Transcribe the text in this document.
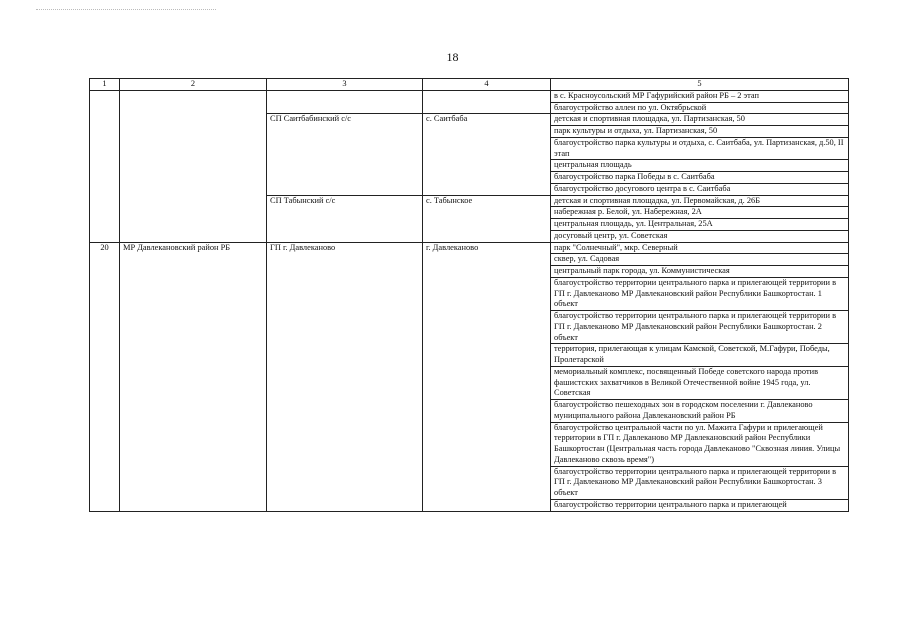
18
1	2	3	4	5
				в с. Красноусольский МР Гафурийский район РБ – 2 этап
				благоустройство аллеи по ул. Октябрьской
		СП Саитбабинский с/с	с. Саитбаба	детская и спортивная площадка, ул. Партизанская, 50
				парк культуры и отдыха, ул. Партизанская, 50
				благоустройство парка культуры и отдыха, с. Саитбаба, ул. Партизанская, д.50, II этап
				центральная площадь
				благоустройство парка Победы в с. Саитбаба
				благоустройство досугового центра в с. Саитбаба
		СП Табынский с/с	с. Табынское	детская и спортивная площадка, ул. Первомайская, д. 26Б
				набережная р. Белой, ул. Набережная, 2А
				центральная площадь, ул. Центральная, 25А
				досуговый центр, ул. Советская
20	МР Давлекановский район РБ	ГП г. Давлеканово	г. Давлеканово	парк "Солнечный", мкр. Северный
				сквер, ул. Садовая
				центральный парк города, ул. Коммунистическая
				благоустройство территории центрального парка и прилегающей территории в ГП г. Давлеканово МР Давлекановский район Республики Башкортостан. 1 объект
				благоустройство территории центрального парка и прилегающей территории в ГП г. Давлеканово МР Давлекановский район Республики Башкортостан. 2 объект
				территория, прилегающая к улицам Камской, Советской, М.Гафури, Победы, Пролетарской
				мемориальный комплекс, посвященный Победе советского народа против фашистских захватчиков в Великой Отечественной войне 1945 года, ул. Советская
				благоустройство пешеходных зон в городском поселении г. Давлеканово муниципального района Давлекановский район РБ
				благоустройство центральной части по ул. Мажита Гафури и прилегающей территории в ГП г. Давлеканово МР Давлекановский район Республики Башкортостан (Центральная часть города Давлеканово "Сквозная линия. Улицы Давлеканово сквозь время")
				благоустройство территории центрального парка и прилегающей территории в ГП г. Давлеканово МР Давлекановский район Республики Башкортостан. 3 объект
				благоустройство территории центрального парка и прилегающей
